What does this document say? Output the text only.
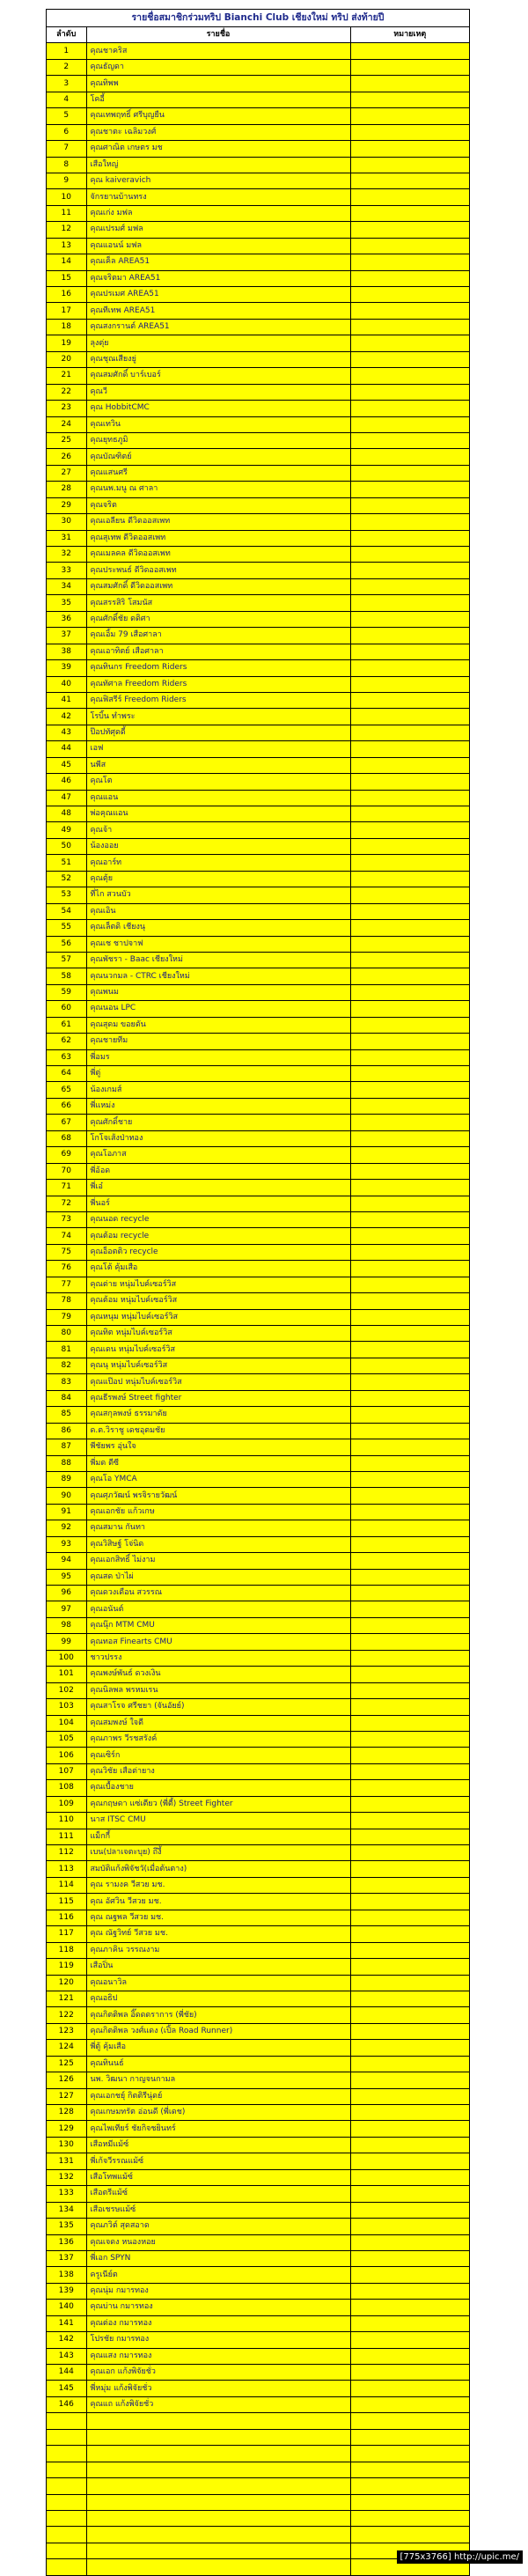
รายชื่อสมาชิกร่วมทริป Bianchi Club เชียงใหม่ ทริป ส่งท้ายปี
ลำดับ	รายชื่อ	หมายเหตุ
1	คุณชาคริส	
2	คุณธัญดา	
3	คุณทิพพ	
4	โคอี้	
5	คุณเทพฤทธิ์ ศรีบุญยืน	
6	คุณชาตะ เฉลิมวงศ์	
7	คุณศาณิต เกษตร มช	
8	เสือใหญ่	
9	คุณ kaiveravich	
10	จักรยานบ้านทรง	
11	คุณเก่ง มฟล	
12	คุณเปรมศ์ มฟล	
13	คุณแอนน์ มฟล	
14	คุณเค็ล AREA51	
15	คุณจริตมา AREA51	
16	คุณปรเมศ AREA51	
17	คุณทีเทพ AREA51	
18	คุณสงกรานต์ AREA51	
19	ลุงตุ่ย	
20	คุณชุณเสียงยู่	
21	คุณสมศักดิ์ บาร์เบอร์	
22	คุณวี	
23	คุณ HobbitCMC	
24	คุณเทวิน	
25	คุณยุทธภูมิ	
26	คุณบัณฑิตย์	
27	คุณแสนศรี	
28	คุณนพ.มนู ณ ศาลา	
29	คุณจริต	
30	คุณเอลียน ดีวิดออสเพท	
31	คุณสุเทพ ดีวิดออสเพท	
32	คุณเมลคล ดีวิดออสเพท	
33	คุณประพนธ์ ดีวิดออสเพท	
34	คุณสมศักดิ์ ดีวิดออสเพท	
35	คุณสรรสิริ โสมนัส	
36	คุณศักดิ์ชัย ดดิศา	
37	คุณเอิ้ม 79 เสือศาลา	
38	คุณเอาทิตย์ เสือศาลา	
39	คุณทินกร Freedom Riders	
40	คุณทัศาล Freedom Riders	
41	คุณฟิสรีร์ Freedom Riders	
42	โรบิ้น ทำพระ	
43	ป๊อปทัศุดดี้	
44	เอฟ	
45	นพีส	
46	คุณโต	
47	คุณแอน	
48	พ่อคุณแอน	
49	คุณจ้า	
50	น้องออย	
51	คุณอาร์ท	
52	คุณตุ้ย	
53	ที่ไก สวนบัว	
54	คุณเอิน	
55	คุณเล็ตดิ เชียงนุ	
56	คุณเช ชาปจาฟ	
57	คุณพัชรา - Baac เชียงใหม่	
58	คุณนวกมล - CTRC เชียงใหม่	
59	คุณพนม	
60	คุณนอน LPC	
61	คุณสุดม ขอยดัน	
62	คุณชายทีม	
63	พี่อมร	
64	พี่ตู่	
65	น้องเกมส์	
66	พี่แหม่ง	
67	คุณศักดิ์ชาย	
68	โกโจเส้งป่าทอง	
69	คุณโอภาส	
70	พี่อ้อด	
71	พี่เอ๋	
72	พี่นอร์	
73	คุณนอด recycle	
74	คุณต้อม recycle	
75	คุณอ็อตติว recycle	
76	คุณโต้ คุ้มเสือ	
77	คุณต่าย หนุ่มไบค์เซอร์วิส	
78	คุณต้อม หนุ่มไบค์เซอร์วิส	
79	คุณหนุม หนุ่มไบค์เซอร์วิส	
80	คุณทิต หนุ่มไบค์เซอร์วิส	
81	คุณเดน หนุ่มไบค์เซอร์วิส	
82	คุณนุ หนุ่มไบค์เซอร์วิส	
83	คุณแป๊อป หนุ่มไบค์เซอร์วิส	
84	คุณธีรพงษ์ Street fighter	
85	คุณสกุลพงษ์ ธรรมาดัย	
86	ด.ต.วิราชู เดชอุตมชัย	
87	พีชัยพร อุ่นใจ	
88	พี่มด ดีซี	
89	คุณโอ YMCA	
90	คุณศุภวัฒน์ พรจิรายวัฒน์	
91	คุณเอกชัย แก้วเกษ	
92	คุณสมาน กันทา	
93	คุณวิสิษฐ์ โจ่นิด	
94	คุณเอกสิทธิ์ ไม่งาม	
95	คุณสด ป่าไผ่	
96	คุณดวงเดือน สวรรณ	
97	คุณอนันต์	
98	คุณนุ๊ก MTM CMU	
99	คุณทอส Finearts CMU	
100	ชาวปรรง	
101	คุณพงษ์พันธ์ ดวงเงิน	
102	คุณนิลพล พรหมเรน	
103	คุณสาโรจ ศรีชยา (จันอัยย์)	
104	คุณสมพงษ์ ใจดี	
105	คุณภาพร วีรชสรังค์	
106	คุณเซิร์ก	
107	คุณวิชัย เสือต่ายาง	
108	คุณเบื้องชาย	
109	คุณกฤษดา แซ่เตียว (พี่ตี้) Street Fighter	
110	นาส ITSC CMU	
111	แม็กกี้	
112	เบน(ปลาเจตะบุย) ถึงี้	
113	สมบัติแก้งพิจัชวั(เมื่อต้นตาง)	
114	คุณ รามงค วีสวย มช.	
115	คุณ อัศวิน วีสวย มช.	
116	คุณ ณฐพล วีสวย มช.	
117	คุณ ณัฐวิทย์ วีสวย มช.	
118	คุณภาคิน วรรณงาม	
119	เสือปิ่น	
120	คุณอนาวิล	
121	คุณอธิป	
122	คุณกิตติพล อิ๊ดดดราการ (พี่ชัย)	
123	คุณกิตติพล วงศ์แดง (เปิ้ล Road Runner)	
124	พี่ตู้ คุ้มเสือ	
125	คุณทินนธ์	
126	นพ. วิฒนา กาญจนกามล	
127	คุณเอกชยุ์ กิตติรีนุ่ดย์	
128	คุณเกษมทรัต อ่อนดี (พี่เดช)	
129	คุณไพเทียร์ ชัยกิจชยินทร์	
130	เสือหมีแม้ซ์	
131	พี่เก้จวีรรณแม้ซ์	
132	เสือโทพแม้ซ์	
133	เสือตรีแม้ซ์	
134	เสือเชรษแม้ซ์	
135	คุณภวิต์ สุดสอาด	
136	คุณเจดง หนองหอย	
137	พี่เอก SPYN	
138	ครูเนีย์ต	
139	คุณนุ่ม กมารทอง	
140	คุณบ่าน กมารทอง	
141	คุณต่อง กมารทอง	
142	โปรชัย กมารทอง	
143	คุณแสง กมารทอง	
144	คุณเอก แก้งพิจัยชั่ว	
145	พี่หมุ่ม แก้งพิจัยชั่ว	
146	คุณแถ แก้งพิจัยชั่ว	

[775x3766] http://upic.me/
